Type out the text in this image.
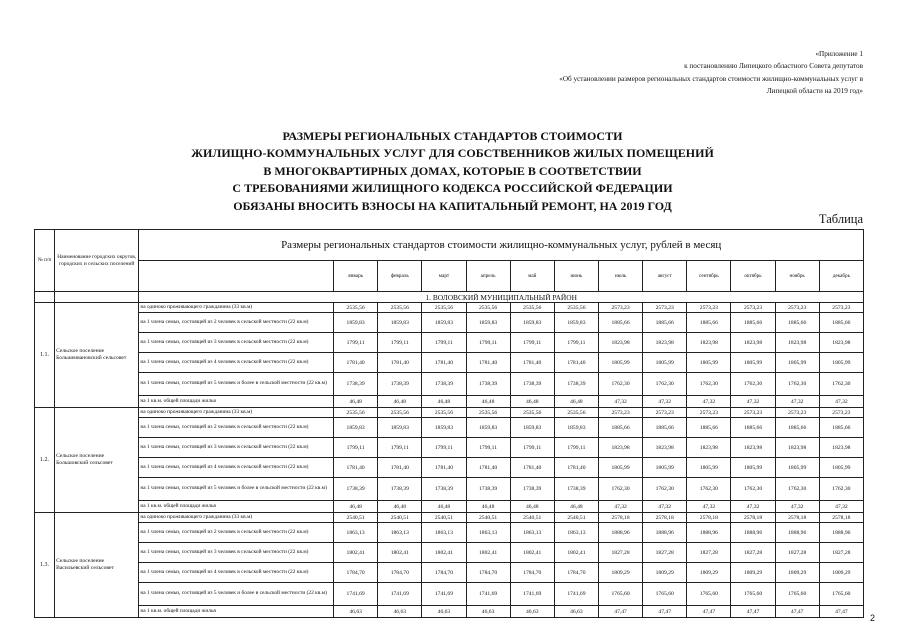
«Приложение 1
к постановлению Липецкого областного Совета депутатов
«Об установлении размеров региональных стандартов стоимости жилищно-коммунальных услуг в
Липецкой области на 2019 год»
РАЗМЕРЫ РЕГИОНАЛЬНЫХ СТАНДАРТОВ СТОИМОСТИ
ЖИЛИЩНО-КОММУНАЛЬНЫХ УСЛУГ ДЛЯ СОБСТВЕННИКОВ ЖИЛЫХ ПОМЕЩЕНИЙ
В МНОГОКВАРТИРНЫХ ДОМАХ, КОТОРЫЕ В СООТВЕТСТВИИ
С ТРЕБОВАНИЯМИ ЖИЛИЩНОГО КОДЕКСА РОССИЙСКОЙ ФЕДЕРАЦИИ
ОБЯЗАНЫ ВНОСИТЬ ВЗНОСЫ НА КАПИТАЛЬНЫЙ РЕМОНТ, НА 2019 ГОД
Таблица
№ п/п	Наименование городских округов, городских и сельских поселений	Размеры региональных стандартов стоимости жилищно-коммунальных услуг, рублей в месяц												
			январь	февраль	март	апрель	май	июнь	июль	август	сентябрь	октябрь	ноябрь	декабрь
		1. ВОЛОВСКИЙ МУНИЦИПАЛЬНЫЙ РАЙОН												
1.1.	Сельское поселение Большеивановский сельсовет	на одиноко проживающего гражданина (33 кв.м)	2535,56	2535,56	2535,56	2535,56	2535,56	2535,56	2573,23	2573,23	2573,23	2573,23	2573,23	2573,23
		на 1 члена семьи, состоящей из 2 человек в сельской местности (22 кв.м)	1859,83	1859,83	1859,83	1859,83	1859,83	1859,83	1885,66	1885,66	1885,66	1885,66	1885,66	1885,66
		на 1 члена семьи, состоящей из 3 человек в сельской местности (22 кв.м)	1799,11	1799,11	1799,11	1799,11	1799,11	1799,11	1823,98	1823,98	1823,98	1823,98	1823,98	1823,98
		на 1 члена семьи, состоящей из 4 человек в сельской местности (22 кв.м)	1781,40	1781,40	1781,40	1781,40	1781,40	1781,40	1805,99	1805,99	1805,99	1805,99	1805,99	1805,99
		на 1 члена семьи, состоящей из 5 человек и более в сельской местности (22 кв.м)	1738,39	1738,39	1738,39	1738,39	1738,39	1738,39	1762,30	1762,30	1762,30	1762,30	1762,30	1762,30
		на 1 кв.м. общей площади жилья	46,48	46,48	46,48	46,48	46,48	46,48	47,32	47,32	47,32	47,32	47,32	47,32
1.2.	Сельское поселение Большовский сельсовет	на одиноко проживающего гражданина (33 кв.м)	2535,56	2535,56	2535,56	2535,56	2535,56	2535,56	2573,23	2573,23	2573,23	2573,23	2573,23	2573,23
		на 1 члена семьи, состоящей из 2 человек в сельской местности (22 кв.м)	1859,83	1859,83	1859,83	1859,83	1859,83	1859,83	1885,66	1885,66	1885,66	1885,66	1885,66	1885,66
		на 1 члена семьи, состоящей из 3 человек в сельской местности (22 кв.м)	1799,11	1799,11	1799,11	1799,11	1799,11	1799,11	1823,98	1823,98	1823,98	1823,98	1823,98	1823,98
		на 1 члена семьи, состоящей из 4 человек в сельской местности (22 кв.м)	1781,40	1781,40	1781,40	1781,40	1781,40	1781,40	1805,99	1805,99	1805,99	1805,99	1805,99	1805,99
		на 1 члена семьи, состоящей из 5 человек и более в сельской местности (22 кв.м)	1738,39	1738,39	1738,39	1738,39	1738,39	1738,39	1762,30	1762,30	1762,30	1762,30	1762,30	1762,30
		на 1 кв.м. общей площади жилья	46,48	46,48	46,48	46,48	46,48	46,48	47,32	47,32	47,32	47,32	47,32	47,32
1.3.	Сельское поселение Васильевский сельсовет	на одиноко проживающего гражданина (33 кв.м)	2540,51	2540,51	2540,51	2540,51	2540,51	2540,51	2578,18	2578,18	2578,18	2578,18	2578,18	2578,18
		на 1 члена семьи, состоящей из 2 человек в сельской местности (22 кв.м)	1863,13	1863,13	1863,13	1863,13	1863,13	1863,13	1888,96	1888,96	1888,96	1888,96	1888,96	1888,96
		на 1 члена семьи, состоящей из 3 человек в сельской местности (22 кв.м)	1802,41	1802,41	1802,41	1802,41	1802,41	1802,41	1827,28	1827,28	1827,28	1827,28	1827,28	1827,28
		на 1 члена семьи, состоящей из 4 человек в сельской местности (22 кв.м)	1784,70	1784,70	1784,70	1784,70	1784,70	1784,70	1809,29	1809,29	1809,29	1809,29	1809,29	1809,29
		на 1 члена семьи, состоящей из 5 человек и более в сельской местности (22 кв.м)	1741,69	1741,69	1741,69	1741,69	1741,69	1741,69	1765,60	1765,60	1765,60	1765,60	1765,60	1765,60
		на 1 кв.м. общей площади жилья	46,63	46,63	46,63	46,63	46,63	46,63	47,47	47,47	47,47	47,47	47,47	47,47
2
